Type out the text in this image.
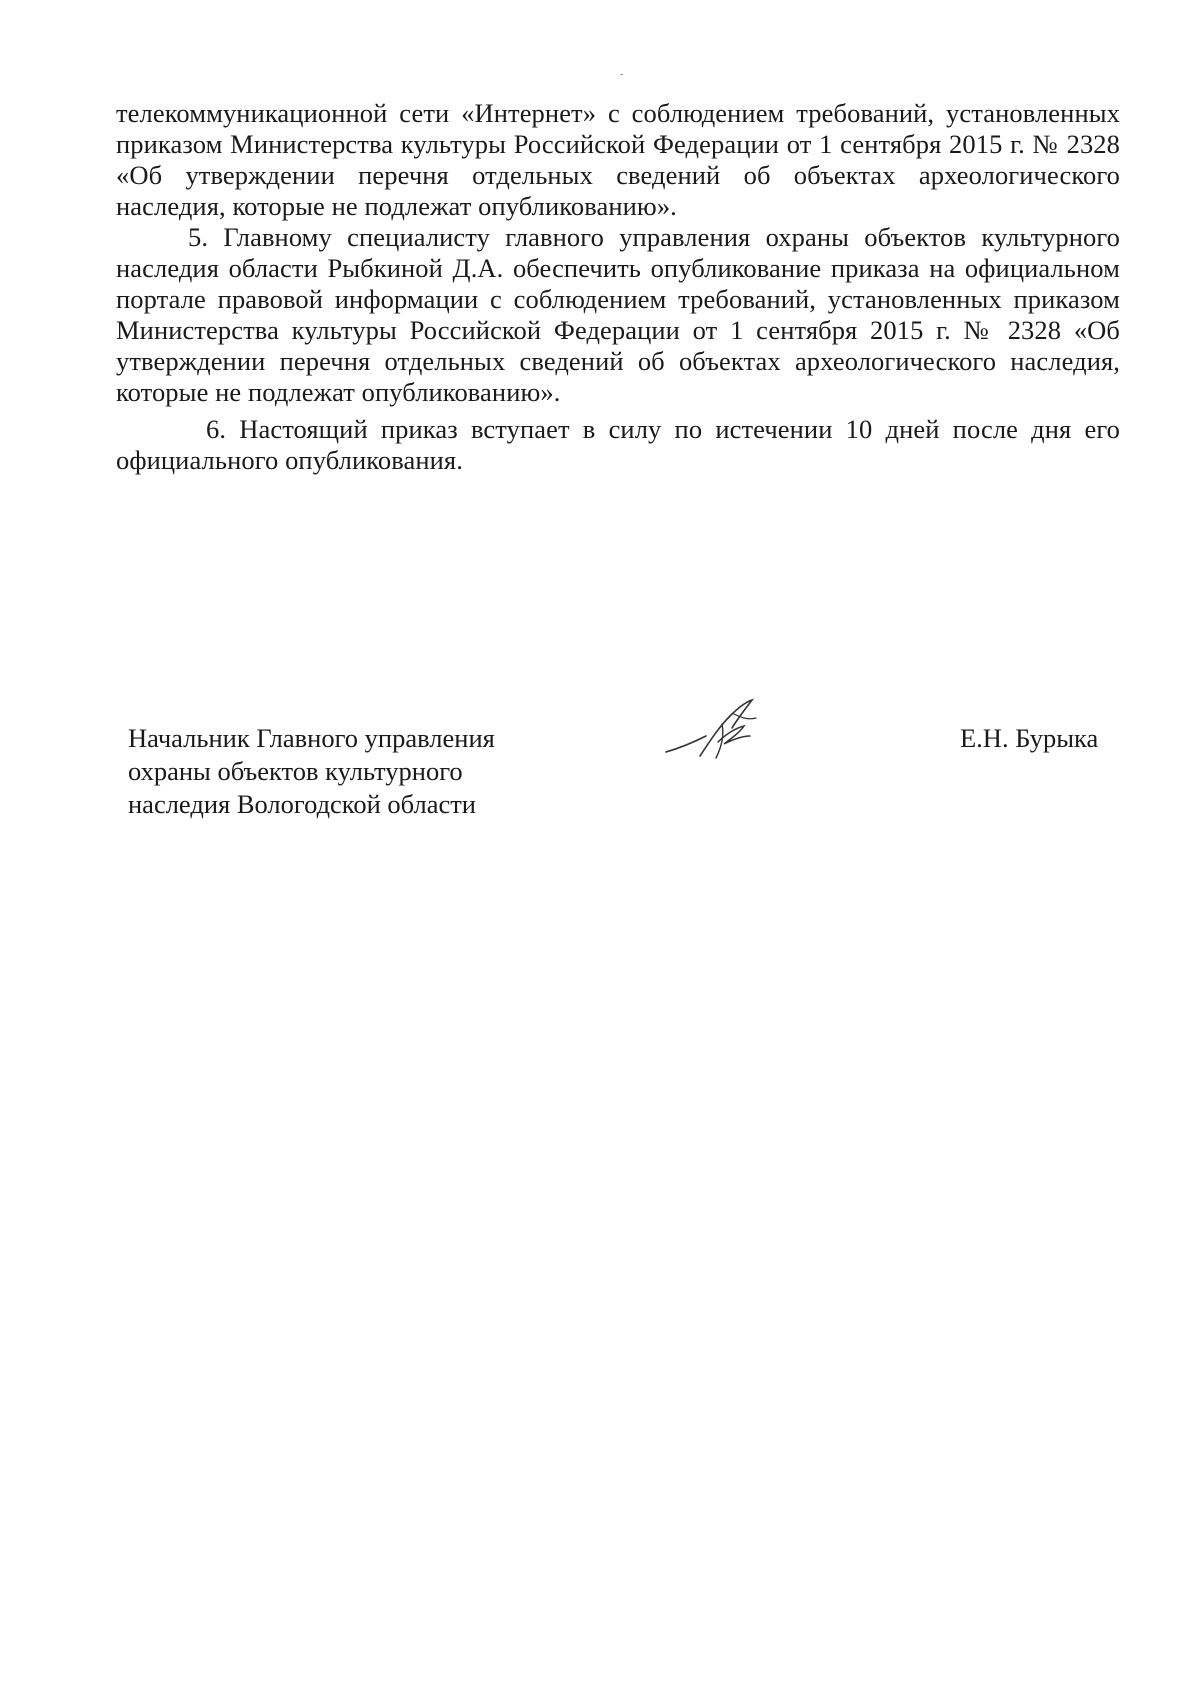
телекоммуникационной сети «Интернет» с соблюдением требований, установленных приказом Министерства культуры Российской Федерации от 1 сентября 2015 г. № 2328 «Об утверждении перечня отдельных сведений об объектах археологического наследия, которые не подлежат опубликованию».

5. Главному специалисту главного управления охраны объектов культурного наследия области Рыбкиной Д.А. обеспечить опубликование приказа на официальном портале правовой информации с соблюдением требований, установленных приказом Министерства культуры Российской Федерации от 1 сентября 2015 г. № 2328 «Об утверждении перечня отдельных сведений об объектах археологического наследия, которые не подлежат опубликованию».

6. Настоящий приказ вступает в силу по истечении 10 дней после дня его официального опубликования.

Начальник Главного управления
охраны объектов культурного
наследия Вологодской области
Е.Н. Бурыка
